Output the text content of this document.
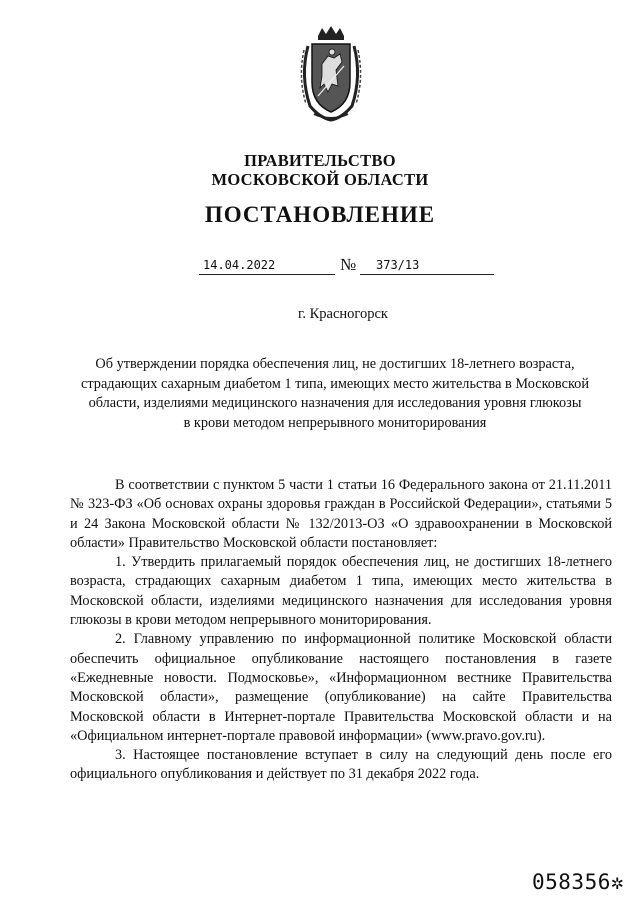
ПРАВИТЕЛЬСТВО
МОСКОВСКОЙ ОБЛАСТИ
ПОСТАНОВЛЕНИЕ
14.04.2022	№	373/13
г. Красногорск
Об утверждении порядка обеспечения лиц, не достигших 18-летнего возраста,
страдающих сахарным диабетом 1 типа, имеющих место жительства в Московской
области, изделиями медицинского назначения для исследования уровня глюкозы
в крови методом непрерывного мониторирования

В соответствии с пунктом 5 части 1 статьи 16 Федерального закона от 21.11.2011 № 323-ФЗ «Об основах охраны здоровья граждан в Российской Федерации», статьями 5 и 24 Закона Московской области № 132/2013-ОЗ «О здравоохранении в Московской области» Правительство Московской области постановляет:

1. Утвердить прилагаемый порядок обеспечения лиц, не достигших 18-летнего возраста, страдающих сахарным диабетом 1 типа, имеющих место жительства в Московской области, изделиями медицинского назначения для исследования уровня глюкозы в крови методом непрерывного мониторирования.

2. Главному управлению по информационной политике Московской области обеспечить официальное опубликование настоящего постановления в газете «Ежедневные новости. Подмосковье», «Информационном вестнике Правительства Московской области», размещение (опубликование) на сайте Правительства Московской области в Интернет-портале Правительства Московской области и на «Официальном интернет-портале правовой информации» (www.pravo.gov.ru).

3. Настоящее постановление вступает в силу на следующий день после его официального опубликования и действует по 31 декабря 2022 года.

058356✲
